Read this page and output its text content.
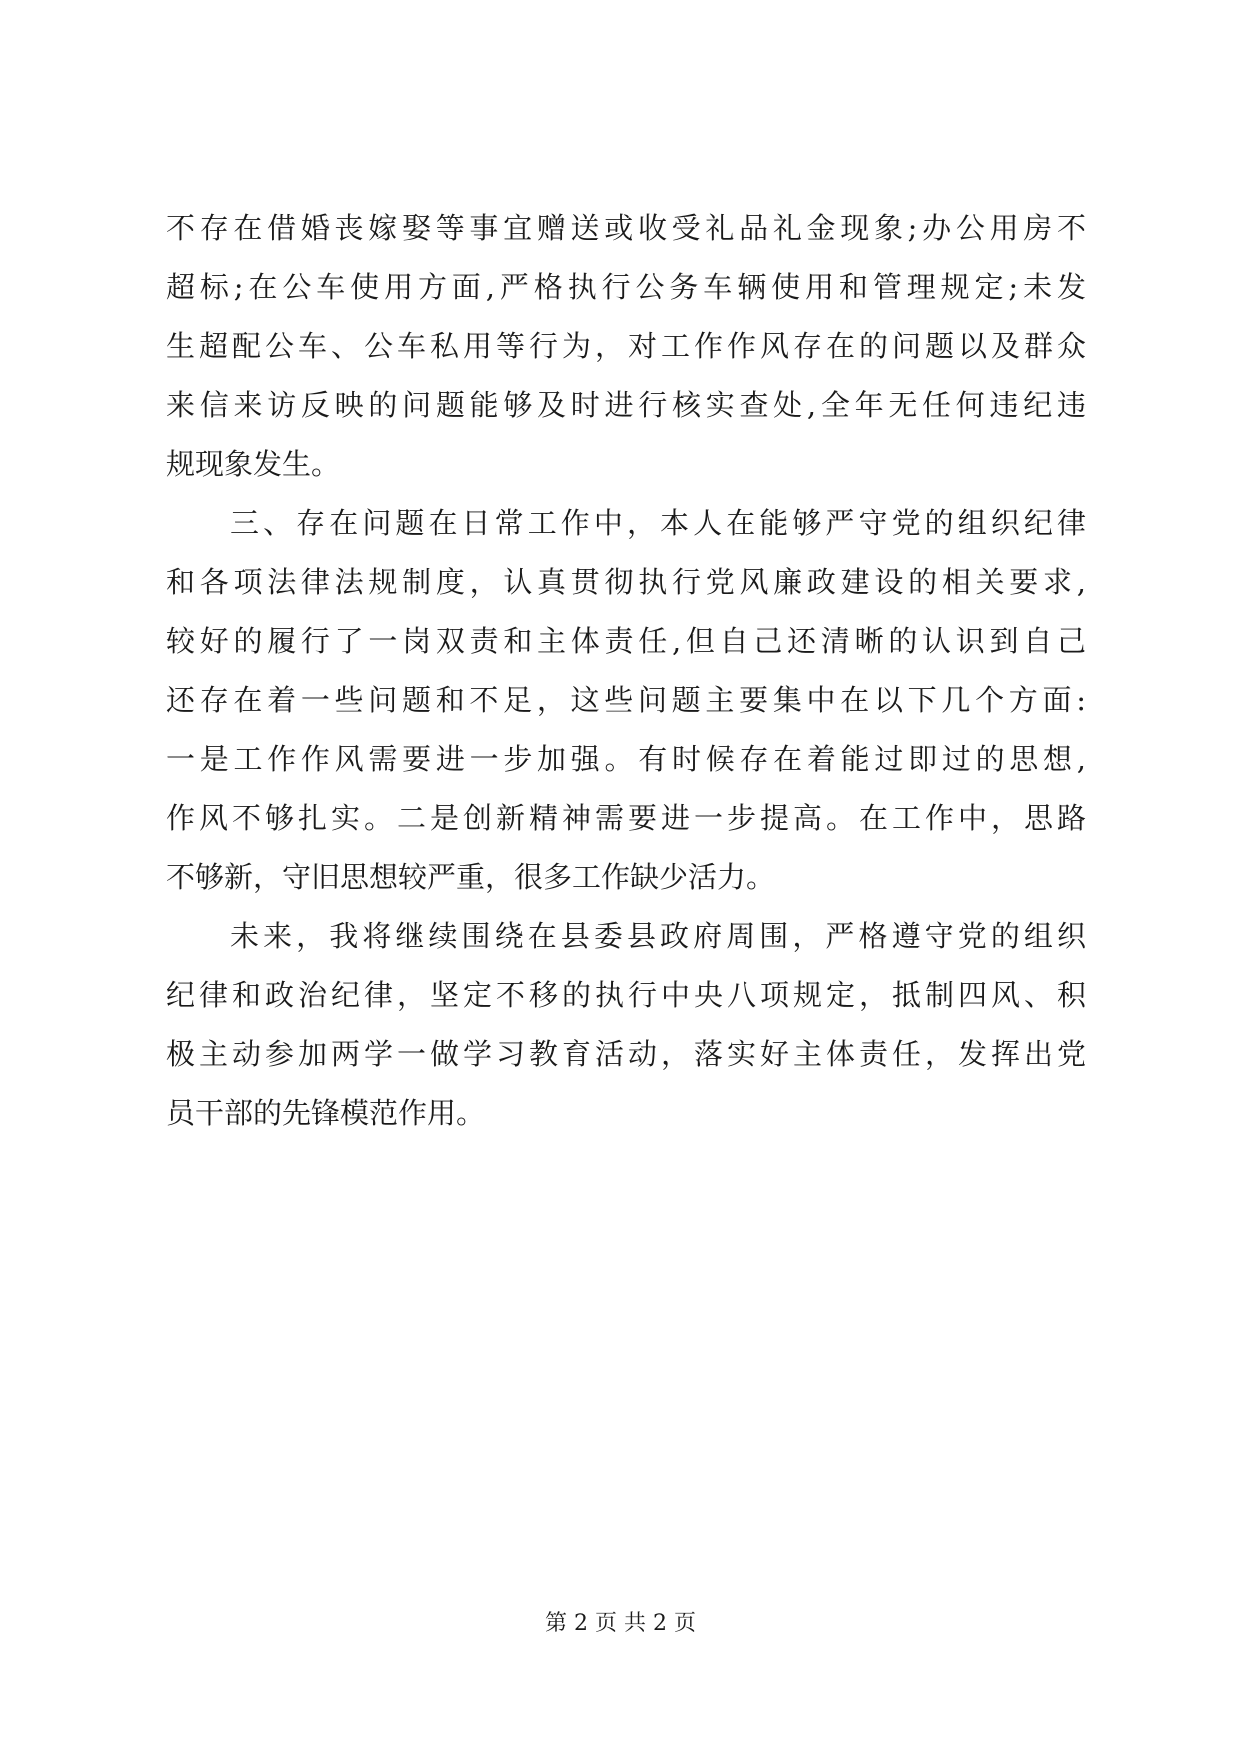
不存在借婚丧嫁娶等事宜赠送或收受礼品礼金现象;办公用房不
超标;在公车使用方面,严格执行公务车辆使用和管理规定;未发
生超配公车、公车私用等行为，对工作作风存在的问题以及群众
来信来访反映的问题能够及时进行核实查处,全年无任何违纪违
规现象发生。
三、存在问题在日常工作中，本人在能够严守党的组织纪律
和各项法律法规制度，认真贯彻执行党风廉政建设的相关要求,
较好的履行了一岗双责和主体责任,但自己还清晰的认识到自己
还存在着一些问题和不足，这些问题主要集中在以下几个方面:
一是工作作风需要进一步加强。有时候存在着能过即过的思想,
作风不够扎实。二是创新精神需要进一步提高。在工作中，思路
不够新，守旧思想较严重，很多工作缺少活力。
未来，我将继续围绕在县委县政府周围，严格遵守党的组织
纪律和政治纪律，坚定不移的执行中央八项规定，抵制四风、积
极主动参加两学一做学习教育活动，落实好主体责任，发挥出党
员干部的先锋模范作用。
第 2 页 共 2 页
